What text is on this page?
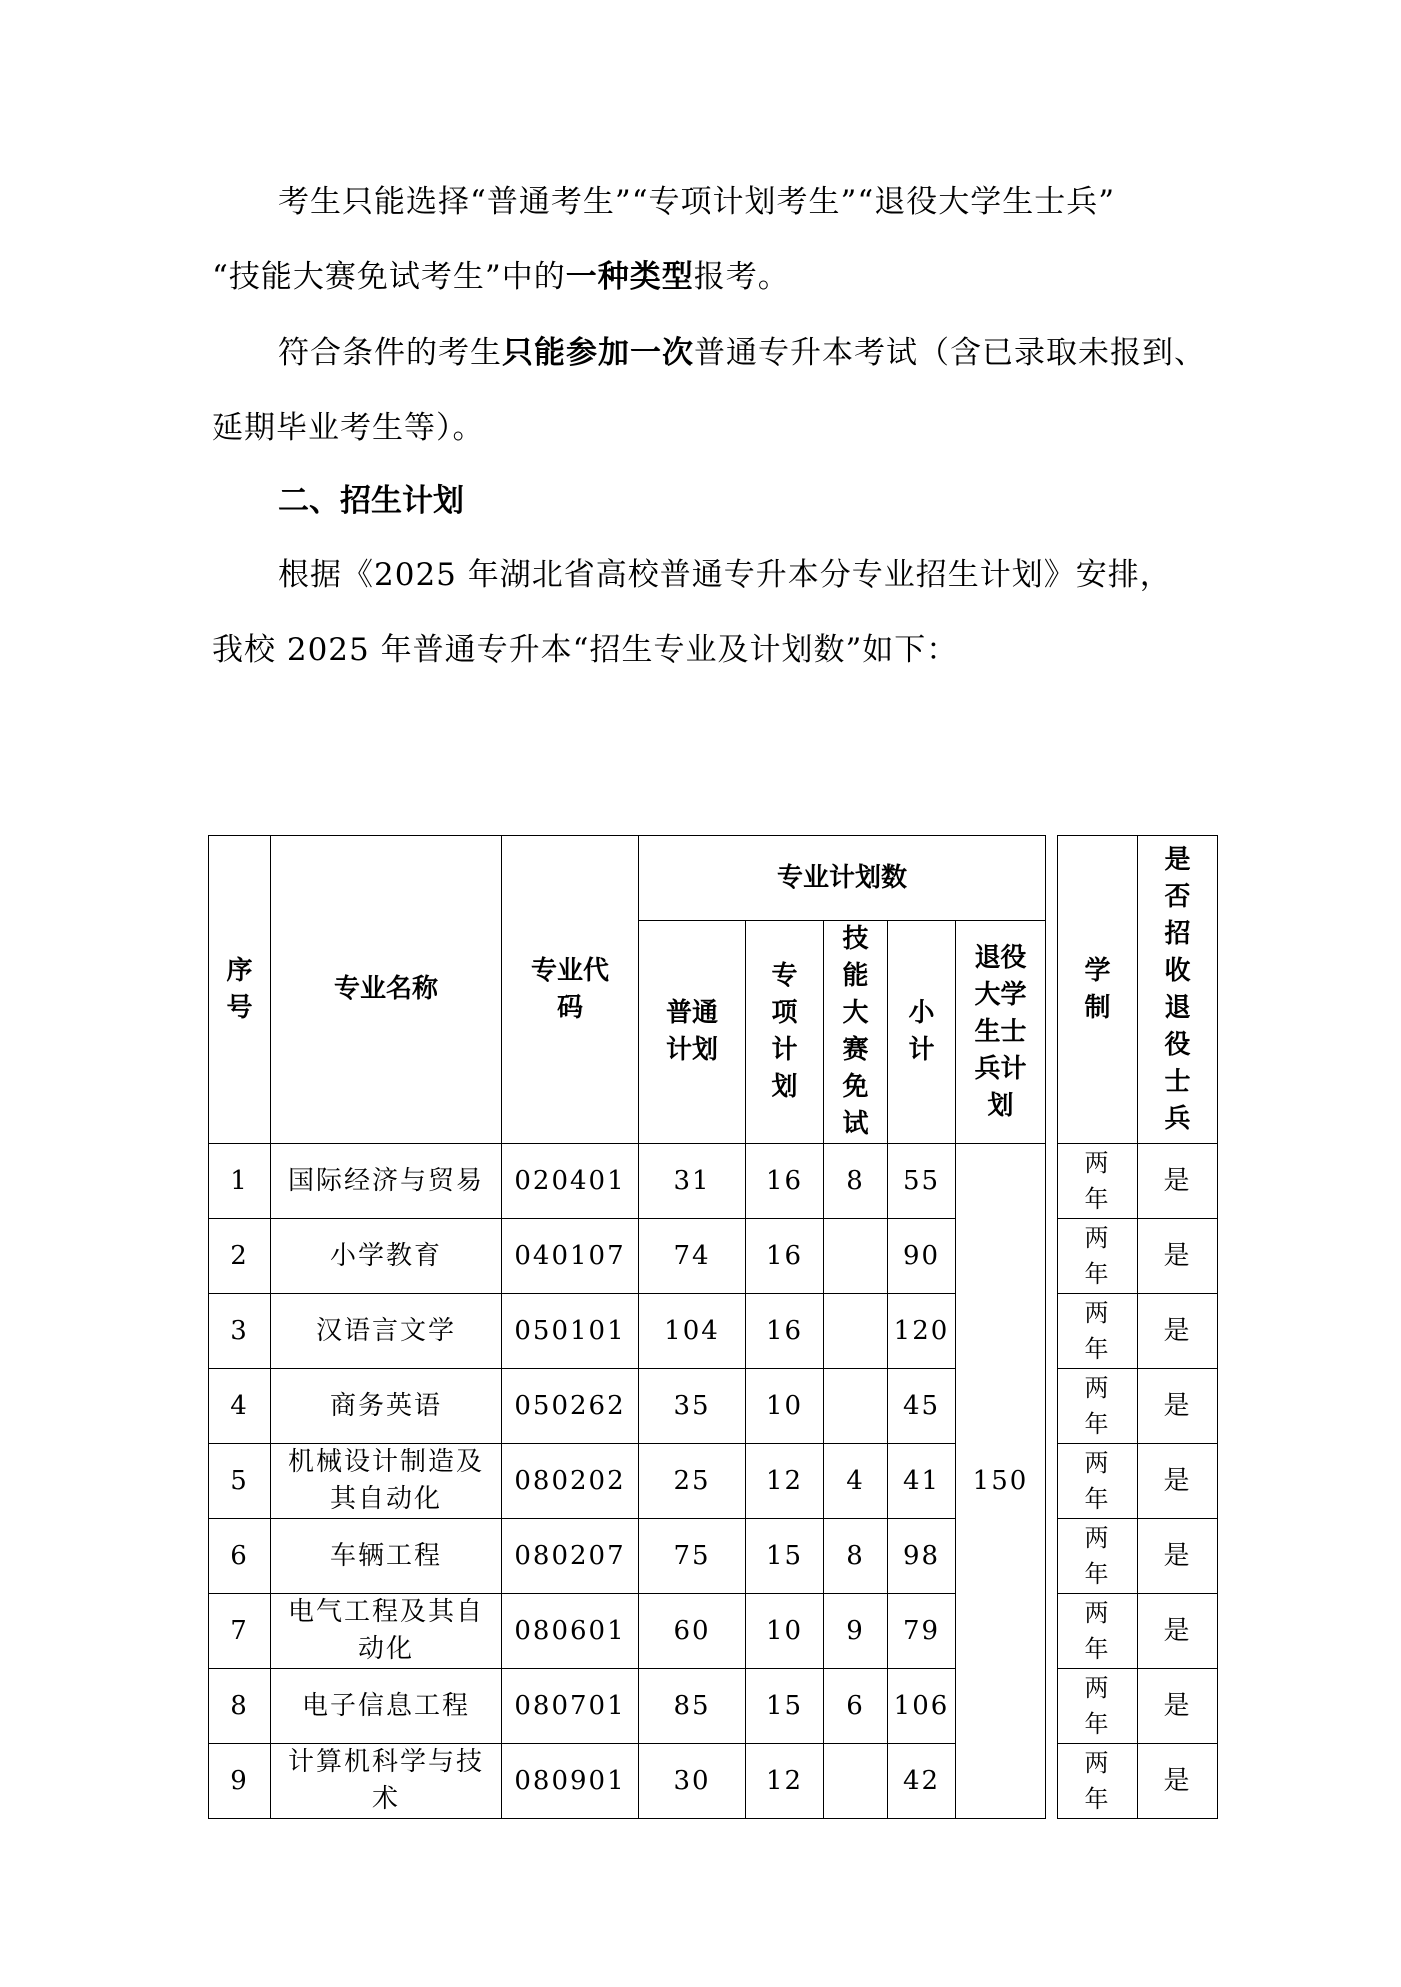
考生只能选择“普通考生”“专项计划考生”“退役大学生士兵”
“技能大赛免试考生”中的一种类型报考。
符合条件的考生只能参加一次普通专升本考试（含已录取未报到、
延期毕业考生等）。
二、招生计划
根据《2025 年湖北省高校普通专升本分专业招生计划》安排，
我校 2025 年普通专升本“招生专业及计划数”如下：
序号	专业名称	专业代码	专业计划数						学制	是否招收退役士兵
			普通计划	专项计划	技能大赛免试	小计	退役大学生士兵计划			
1	国际经济与贸易	020401	31	16	8	55	150		两年	是
2	小学教育	040107	74	16		90			两年	是
3	汉语言文学	050101	104	16		120			两年	是
4	商务英语	050262	35	10		45			两年	是
5	机械设计制造及其自动化	080202	25	12	4	41			两年	是
6	车辆工程	080207	75	15	8	98			两年	是
7	电气工程及其自动化	080601	60	10	9	79			两年	是
8	电子信息工程	080701	85	15	6	106			两年	是
9	计算机科学与技术	080901	30	12		42			两年	是
